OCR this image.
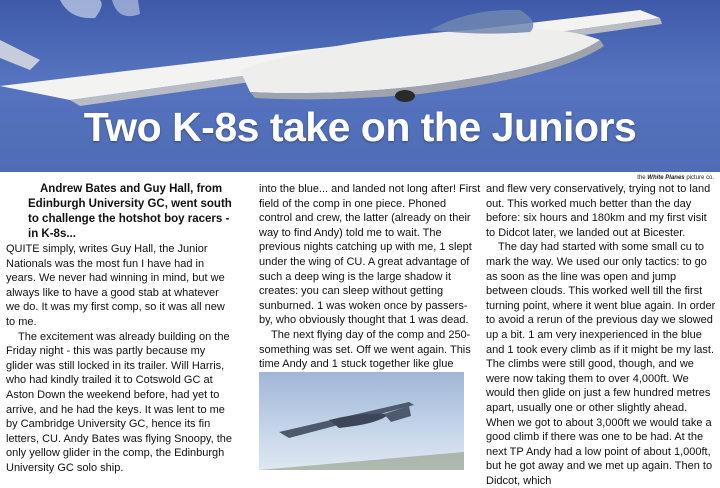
Two K-8s take on the Juniors
the White Planes picture co.

Andrew Bates and Guy Hall, from Edinburgh University GC, went south to challenge the hotshot boy racers - in K-8s...

QUITE simply, writes Guy Hall, the Junior Nationals was the most fun I have had in years. We never had winning in mind, but we always like to have a good stab at whatever we do. It was my first comp, so it was all new to me.

The excitement was already building on the Friday night - this was partly because my glider was still locked in its trailer. Will Harris, who had kindly trailed it to Cotswold GC at Aston Down the weekend before, had yet to arrive, and he had the keys. It was lent to me by Cambridge University GC, hence its fin letters, CU. Andy Bates was flying Snoopy, the only yellow glider in the comp, the Edinburgh University GC solo ship.

into the blue... and landed not long after! First field of the comp in one piece. Phoned control and crew, the latter (already on their way to find Andy) told me to wait. The previous nights catching up with me, 1 slept under the wing of CU. A great advantage of such a deep wing is the large shadow it creates: you can sleep without getting sunburned. 1 was woken once by passers-by, who obviously thought that 1 was dead.

The next flying day of the comp and 250-something was set. Off we went again. This time Andy and 1 stuck together like glue

and flew very conservatively, trying not to land out. This worked much better than the day before: six hours and 180km and my first visit to Didcot later, we landed out at Bicester.

The day had started with some small cu to mark the way. We used our only tactics: to go as soon as the line was open and jump between clouds. This worked well till the first turning point, where it went blue again. In order to avoid a rerun of the previous day we slowed up a bit. 1 am very inexperienced in the blue and 1 took every climb as if it might be my last. The climbs were still good, though, and we were now taking them to over 4,000ft. We would then glide on just a few hundred metres apart, usually one or other slightly ahead. When we got to about 3,000ft we would take a good climb if there was one to be had. At the next TP Andy had a low point of about 1,000ft, but he got away and we met up again. Then to Didcot, which
